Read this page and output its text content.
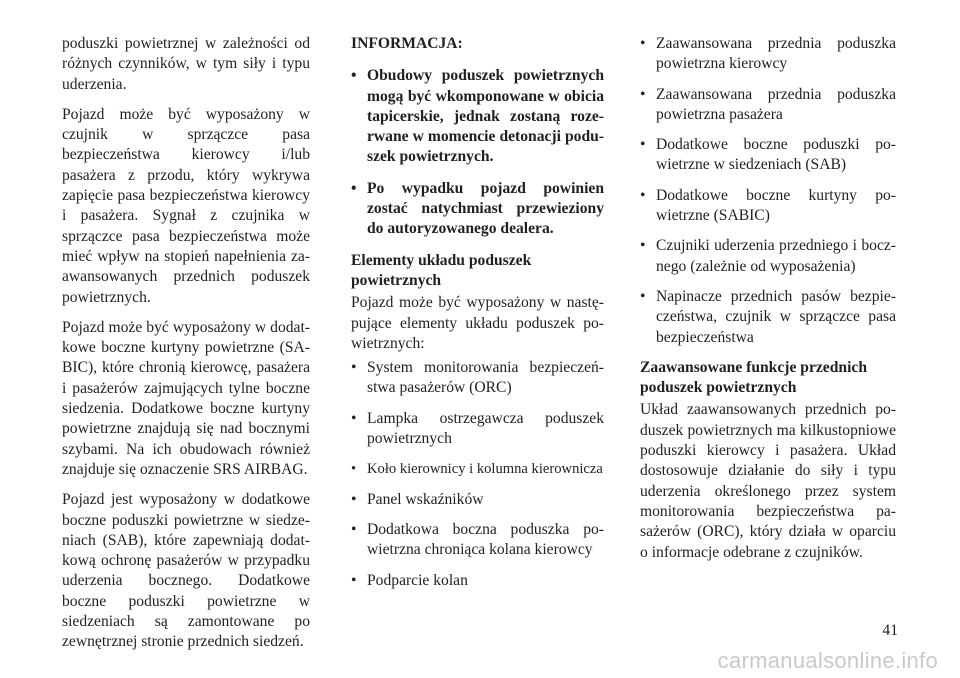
poduszki powietrznej w zależności od różnych czynników, w tym siły i typu uderzenia.

Pojazd może być wyposażony w czujnik w sprzączce pasa bezpieczeństwa kierowcy i/lub pasażera z przodu, który wykrywa zapięcie pasa bezpieczeństwa kierowcy i pasażera. Sygnał z czujnika w sprzączce pasa bezpieczeństwa może mieć wpływ na stopień napełnienia zaawansowanych przednich poduszek powietrznych.

Pojazd może być wyposażony w dodatkowe boczne kurtyny powietrzne (SABIC), które chronią kierowcę, pasażera i pasażerów zajmujących tylne boczne siedzenia. Dodatkowe boczne kurtyny powietrzne znajdują się nad bocznymi szybami. Na ich obudowach również znajduje się oznaczenie SRS AIRBAG.

Pojazd jest wyposażony w dodatkowe boczne poduszki powietrzne w siedzeniach (SAB), które zapewniają dodatkową ochronę pasażerów w przypadku uderzenia bocznego. Dodatkowe boczne poduszki powietrzne w siedzeniach są zamontowane po zewnętrznej stronie przednich siedzeń.

INFORMACJA:
• Obudowy poduszek powietrznych mogą być wkomponowane w obicia tapicerskie, jednak zostaną rozerwane w momencie detonacji poduszek powietrznych.
• Po wypadku pojazd powinien zostać natychmiast przewieziony do autoryzowanego dealera.
Elementy układu poduszek powietrznych

Pojazd może być wyposażony w następujące elementy układu poduszek powietrznych:

• System monitorowania bezpieczeństwa pasażerów (ORC)
• Lampka ostrzegawcza poduszek powietrznych
• Koło kierownicy i kolumna kierownicza
• Panel wskaźników
• Dodatkowa boczna poduszka powietrzna chroniąca kolana kierowcy
• Podparcie kolan
• Zaawansowana przednia poduszka powietrzna kierowcy
• Zaawansowana przednia poduszka powietrzna pasażera
• Dodatkowe boczne poduszki powietrzne w siedzeniach (SAB)
• Dodatkowe boczne kurtyny powietrzne (SABIC)
• Czujniki uderzenia przedniego i bocznego (zależnie od wyposażenia)
• Napinacze przednich pasów bezpieczeństwa, czujnik w sprzączce pasa bezpieczeństwa
Zaawansowane funkcje przednich poduszek powietrznych

Układ zaawansowanych przednich poduszek powietrznych ma kilkustopniowe poduszki kierowcy i pasażera. Układ dostosowuje działanie do siły i typu uderzenia określonego przez system monitorowania bezpieczeństwa pasażerów (ORC), który działa w oparciu o informacje odebrane z czujników.

41
carmanualsonline.info
